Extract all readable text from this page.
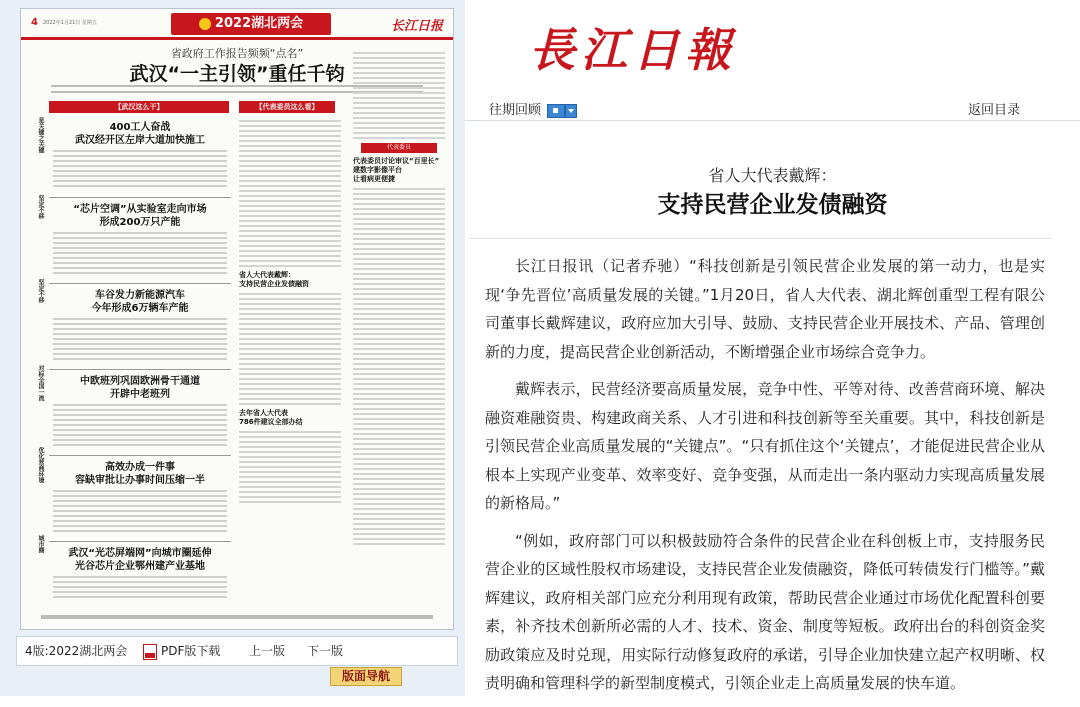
4 2022年1月21日 星期五	2022湖北两会	长江日报
省政府工作报告频频“点名”
武汉“一主引领”重任千钧
【武汉这么干】	【代表委员这么看】
是关键之关键
坚定不移
坚定不移
对标全国一流
优化营商环境
城市圈
400工人奋战
武汉经开区左岸大道加快施工
“芯片空调”从实验室走向市场
形成200万只产能
车谷发力新能源汽车
今年形成6万辆车产能
中欧班列巩固欧洲骨干通道
开辟中老班列
高效办成一件事
容缺审批让办事时间压缩一半
武汉“光芯屏端网”向城市圈延伸
光谷芯片企业鄂州建产业基地
省人大代表戴辉：
支持民营企业发债融资
去年省人大代表
786件建议全部办结
代表委员
代表委员讨论审议“百里长”
建数字影像平台
让看病更便捷
4版:2022湖北两会	PDF版下载 上一版 下一版
版面导航
長江日報
往期回顾	返回目录
省人大代表戴辉：
支持民营企业发债融资

长江日报讯（记者乔驰）“科技创新是引领民营企业发展的第一动力，也是实现‘争先晋位’高质量发展的关键。”1月20日，省人大代表、湖北辉创重型工程有限公司董事长戴辉建议，政府应加大引导、鼓励、支持民营企业开展技术、产品、管理创新的力度，提高民营企业创新活动，不断增强企业市场综合竞争力。

戴辉表示，民营经济要高质量发展，竞争中性、平等对待、改善营商环境、解决融资难融资贵、构建政商关系、人才引进和科技创新等至关重要。其中，科技创新是引领民营企业高质量发展的“关键点”。“只有抓住这个‘关键点’，才能促进民营企业从根本上实现产业变革、效率变好、竞争变强，从而走出一条内驱动力实现高质量发展的新格局。”

“例如，政府部门可以积极鼓励符合条件的民营企业在科创板上市，支持服务民营企业的区域性股权市场建设，支持民营企业发债融资，降低可转债发行门槛等。”戴辉建议，政府相关部门应充分利用现有政策，帮助民营企业通过市场优化配置科创要素，补齐技术创新所必需的人才、技术、资金、制度等短板。政府出台的科创资金奖励政策应及时兑现，用实际行动修复政府的承诺，引导企业加快建立起产权明晰、权责明确和管理科学的新型制度模式，引领企业走上高质量发展的快车道。
